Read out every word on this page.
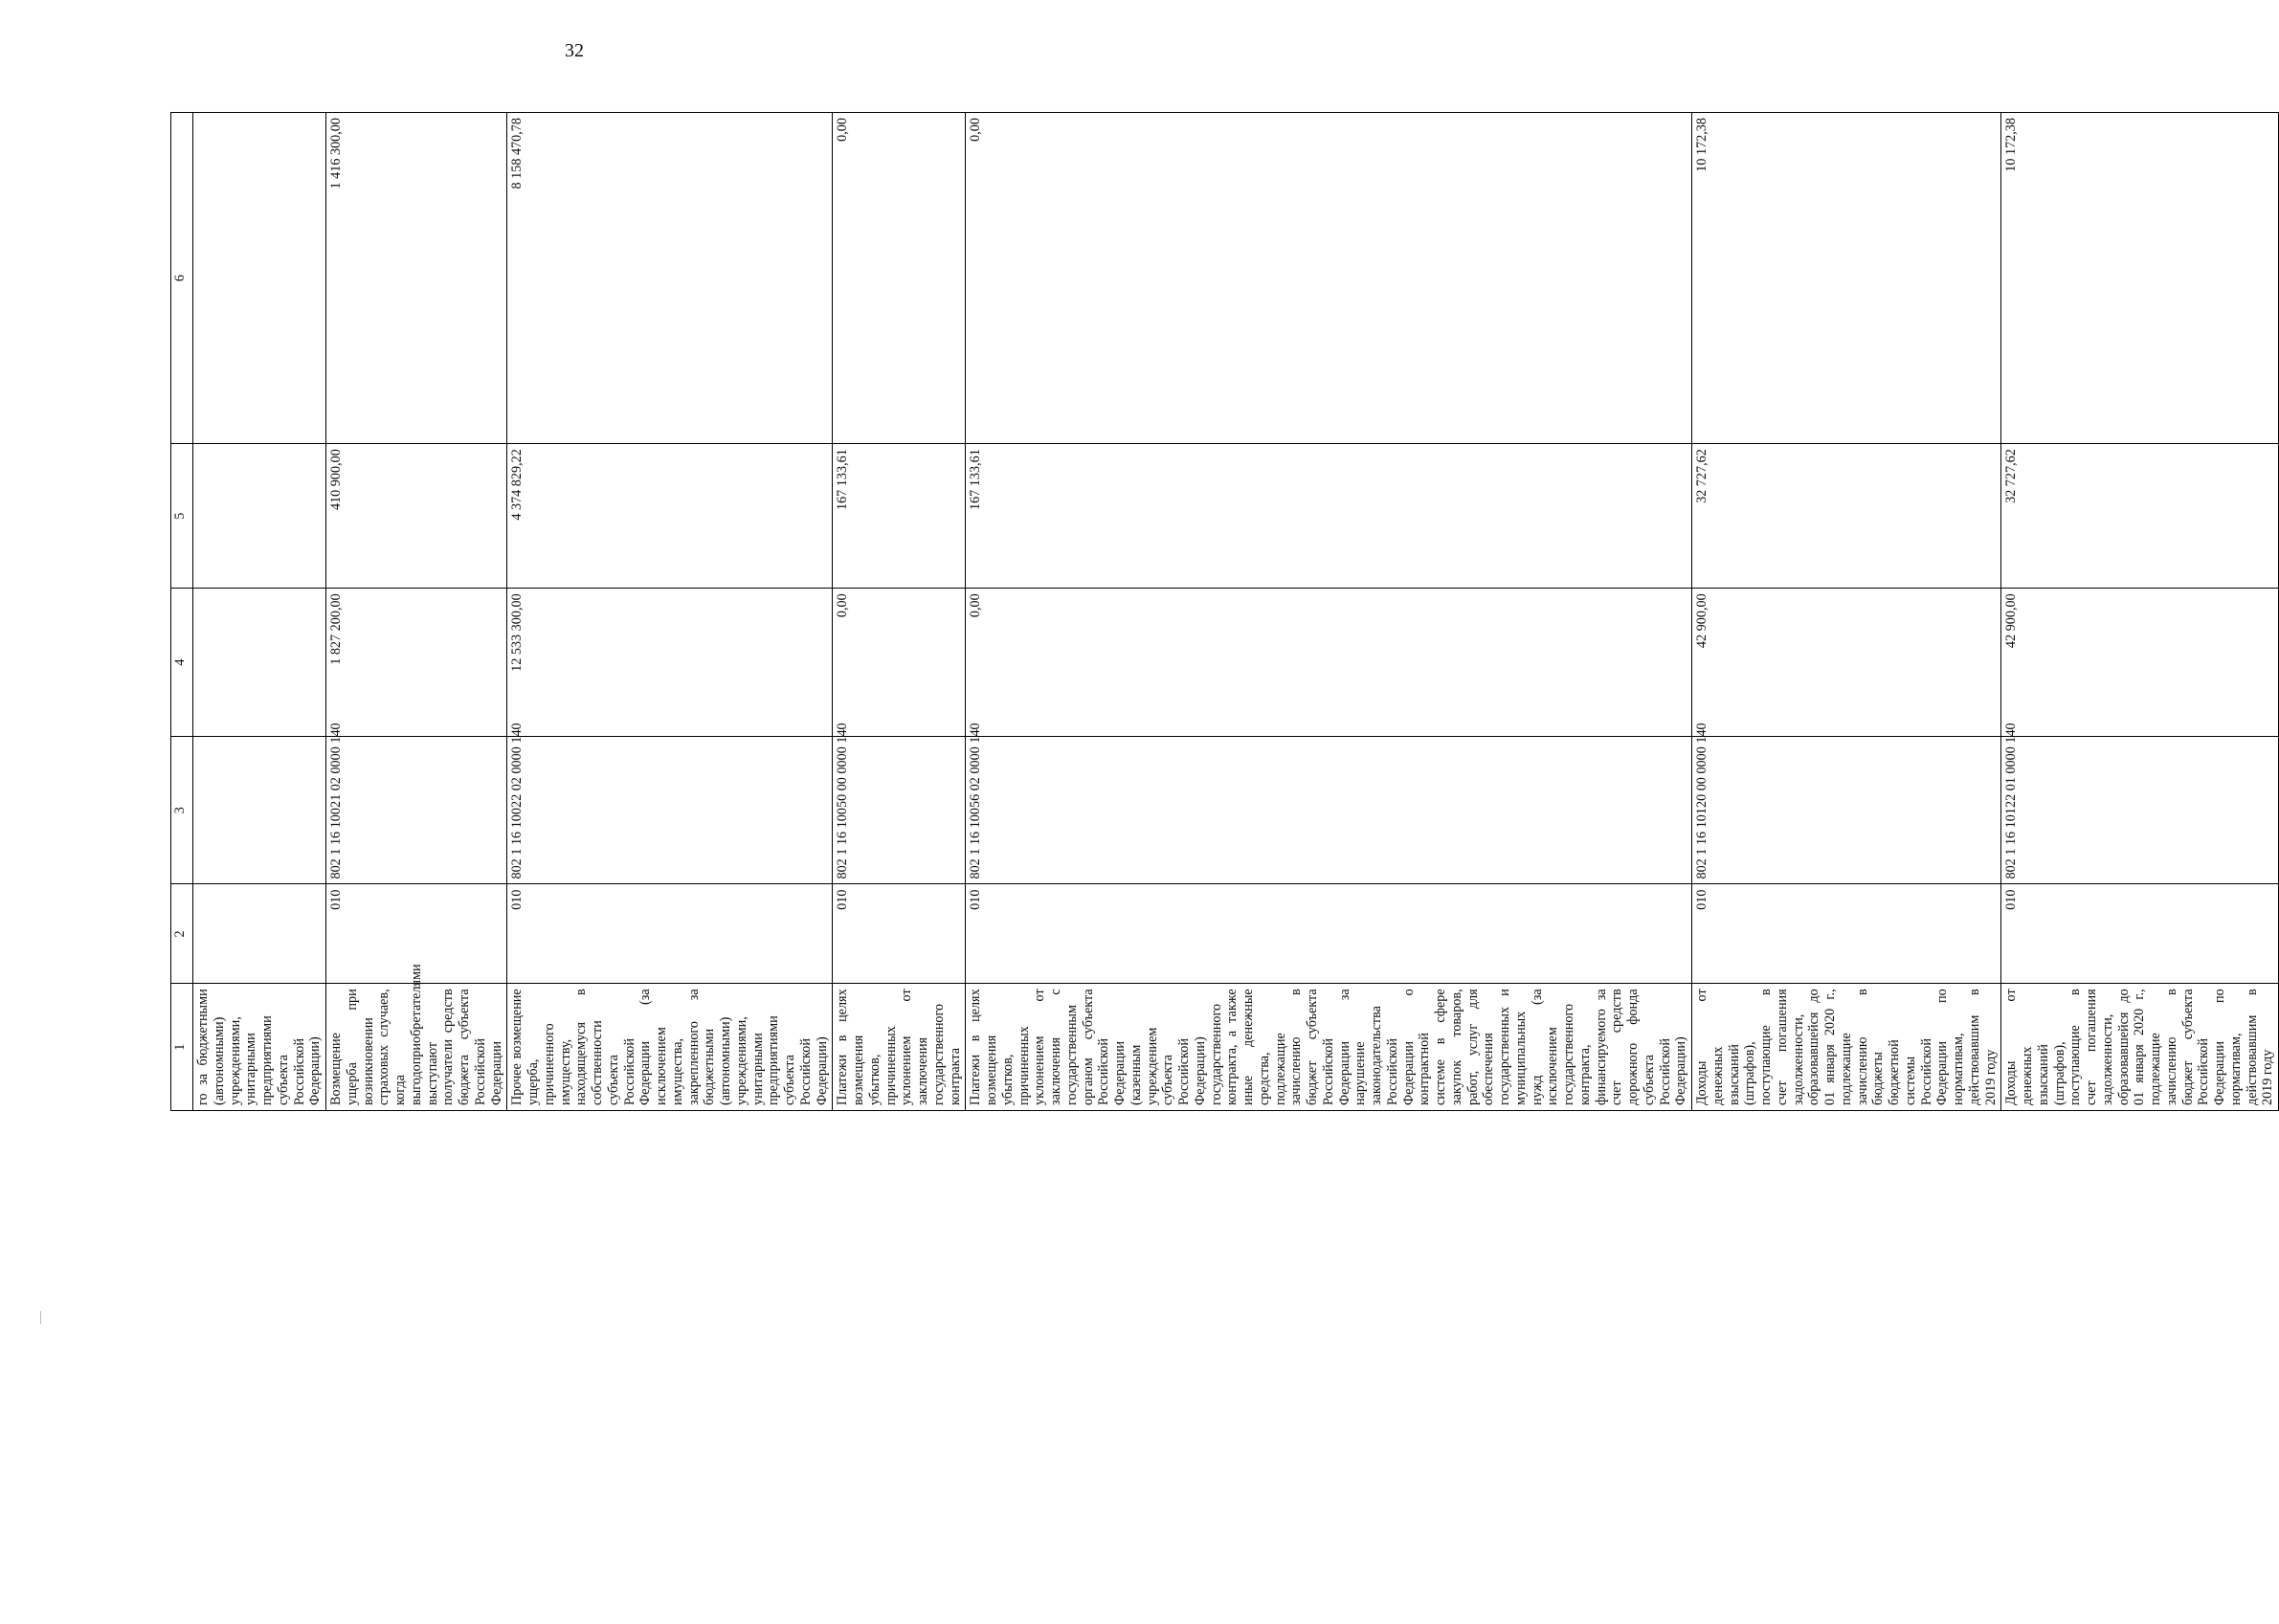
32
1	2	3	4	5	6
го за бюджетными (автономными) учреждениями, унитарными предприятиями субъекта Российской Федерации)					
Возмещение ущерба при возникновении страховых случаев, когда выгодоприобретателями выступают получатели средств бюджета субъекта Российской Федерации	010	802 1 16 10021 02 0000 140	1 827 200,00	410 900,00	1 416 300,00
Прочее возмещение ущерба, причиненного имуществу, находящемуся в собственности субъекта Российской Федерации (за исключением имущества, закрепленного за бюджетными (автономными) учреждениями, унитарными предприятиями субъекта Российской Федерации)	010	802 1 16 10022 02 0000 140	12 533 300,00	4 374 829,22	8 158 470,78
Платежи в целях возмещения убытков, причиненных уклонением от заключения государственного контракта	010	802 1 16 10050 00 0000 140	0,00	167 133,61	0,00
Платежи в целях возмещения убытков, причиненных уклонением от заключения с государственным органом субъекта Российской Федерации (казенным учреждением субъекта Российской Федерации) государственного контракта, а также иные денежные средства, подлежащие зачислению в бюджет субъекта Российской Федерации за нарушение законодательства Российской Федерации о контрактной системе в сфере закупок товаров, работ, услуг для обеспечения государственных и муниципальных нужд (за исключением государственного контракта, финансируемого за счет средств дорожного фонда субъекта Российской Федерации)	010	802 1 16 10056 02 0000 140	0,00	167 133,61	0,00
Доходы от денежных взысканий (штрафов), поступающие в счет погашения задолженности, образовавшейся до 01 января 2020 г., подлежащие зачислению в бюджеты бюджетной системы Российской Федерации по нормативам, действовавшим в 2019 году	010	802 1 16 10120 00 0000 140	42 900,00	32 727,62	10 172,38
Доходы от денежных взысканий (штрафов), поступающие в счет погашения задолженности, образовавшейся до 01 января 2020 г., подлежащие зачислению в бюджет субъекта Российской Федерации по нормативам, действовавшим в 2019 году	010	802 1 16 10122 01 0000 140	42 900,00	32 727,62	10 172,38
